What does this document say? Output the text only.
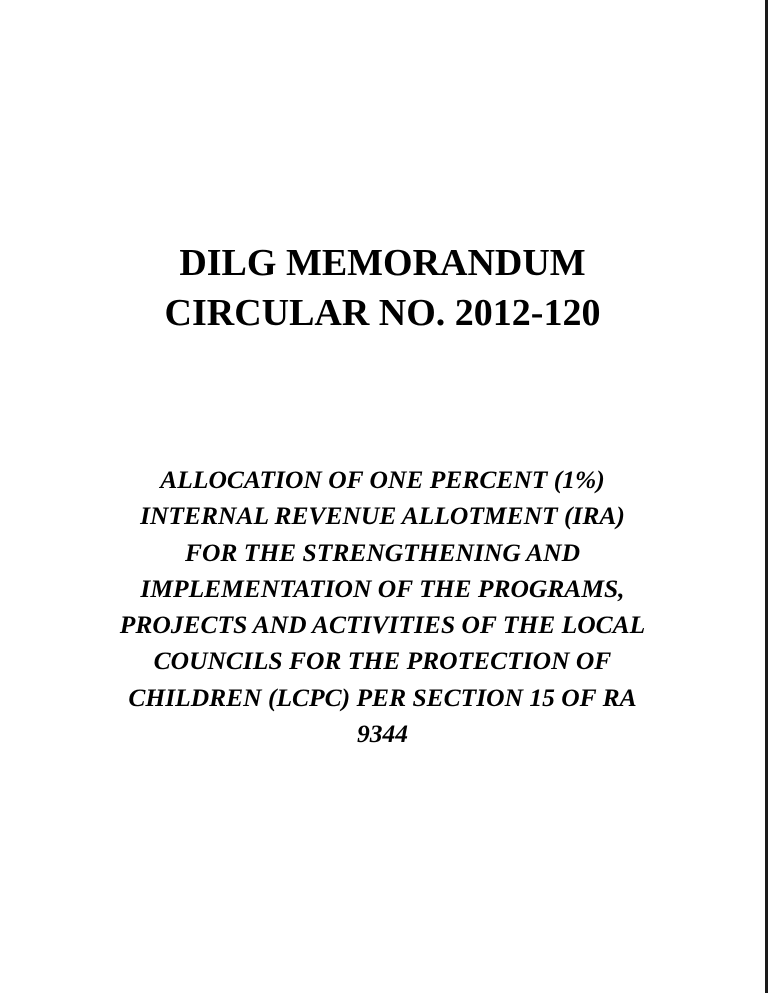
DILG MEMORANDUM
CIRCULAR NO. 2012-120
ALLOCATION OF ONE PERCENT (1%)
INTERNAL REVENUE ALLOTMENT (IRA)
FOR THE STRENGTHENING AND
IMPLEMENTATION OF THE PROGRAMS,
PROJECTS AND ACTIVITIES OF THE LOCAL
COUNCILS FOR THE PROTECTION OF
CHILDREN (LCPC) PER SECTION 15 OF RA
9344
